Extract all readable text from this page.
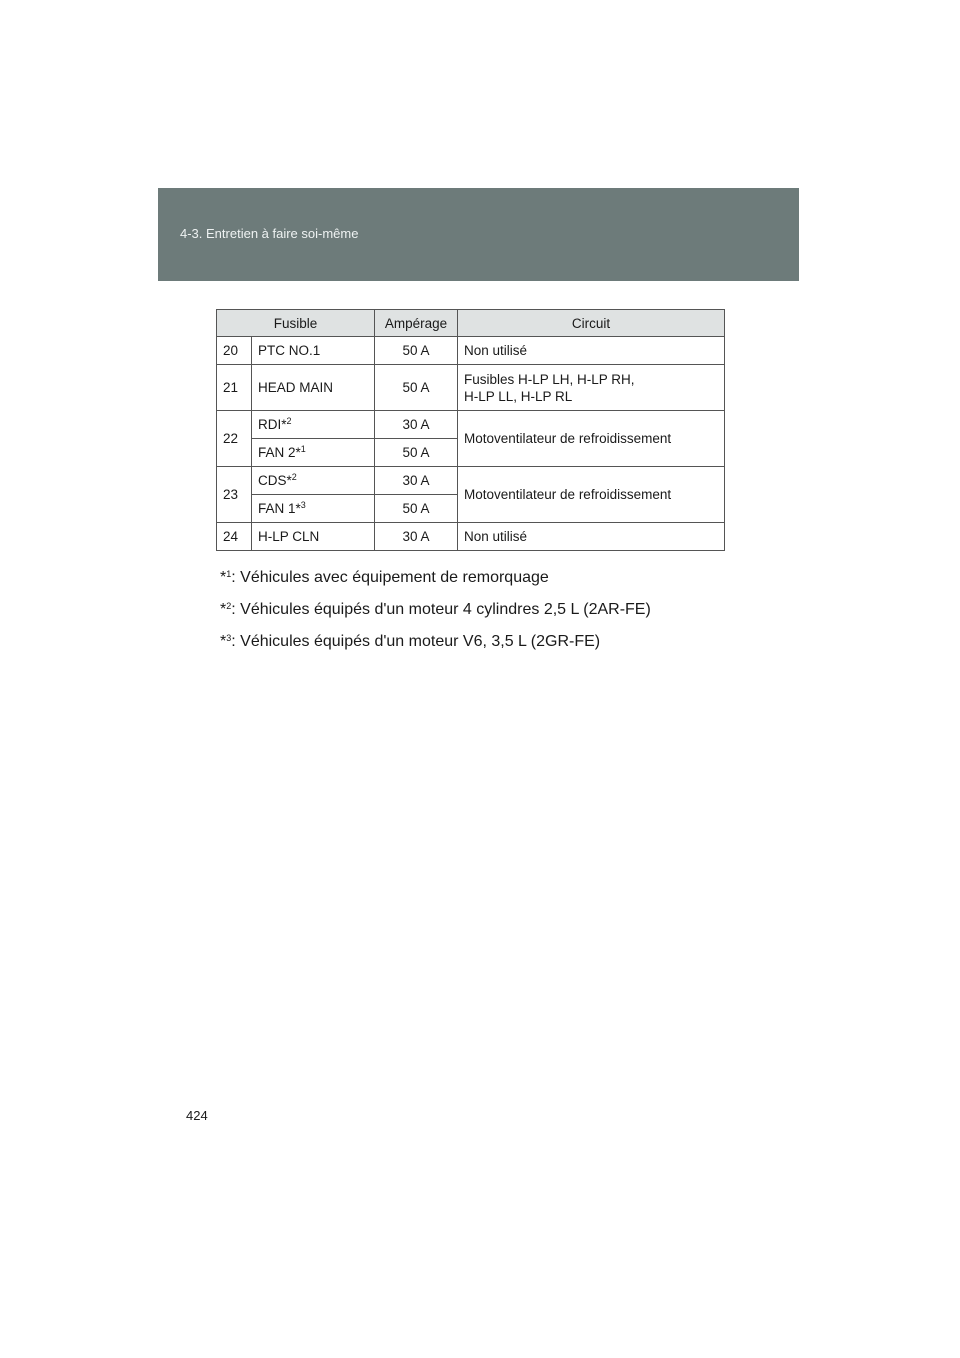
4-3. Entretien à faire soi-même
Fusible		Ampérage	Circuit
20	PTC NO.1	50 A	Non utilisé
21	HEAD MAIN	50 A	Fusibles H-LP LH, H-LP RH,
H-LP LL, H-LP RL

22	RDI*$^2$	30 A	Motoventilateur de refroidissement
	FAN 2*$^1$	50 A	
23	CDS*$^2$	30 A	Motoventilateur de refroidissement
	FAN 1*$^3$	50 A	
24	H-LP CLN	30 A	Non utilisé
*$^1$: Véhicules avec équipement de remorquage
*$^2$: Véhicules équipés d'un moteur 4 cylindres 2,5 L (2AR-FE)
*$^3$: Véhicules équipés d'un moteur V6, 3,5 L (2GR-FE)
424
